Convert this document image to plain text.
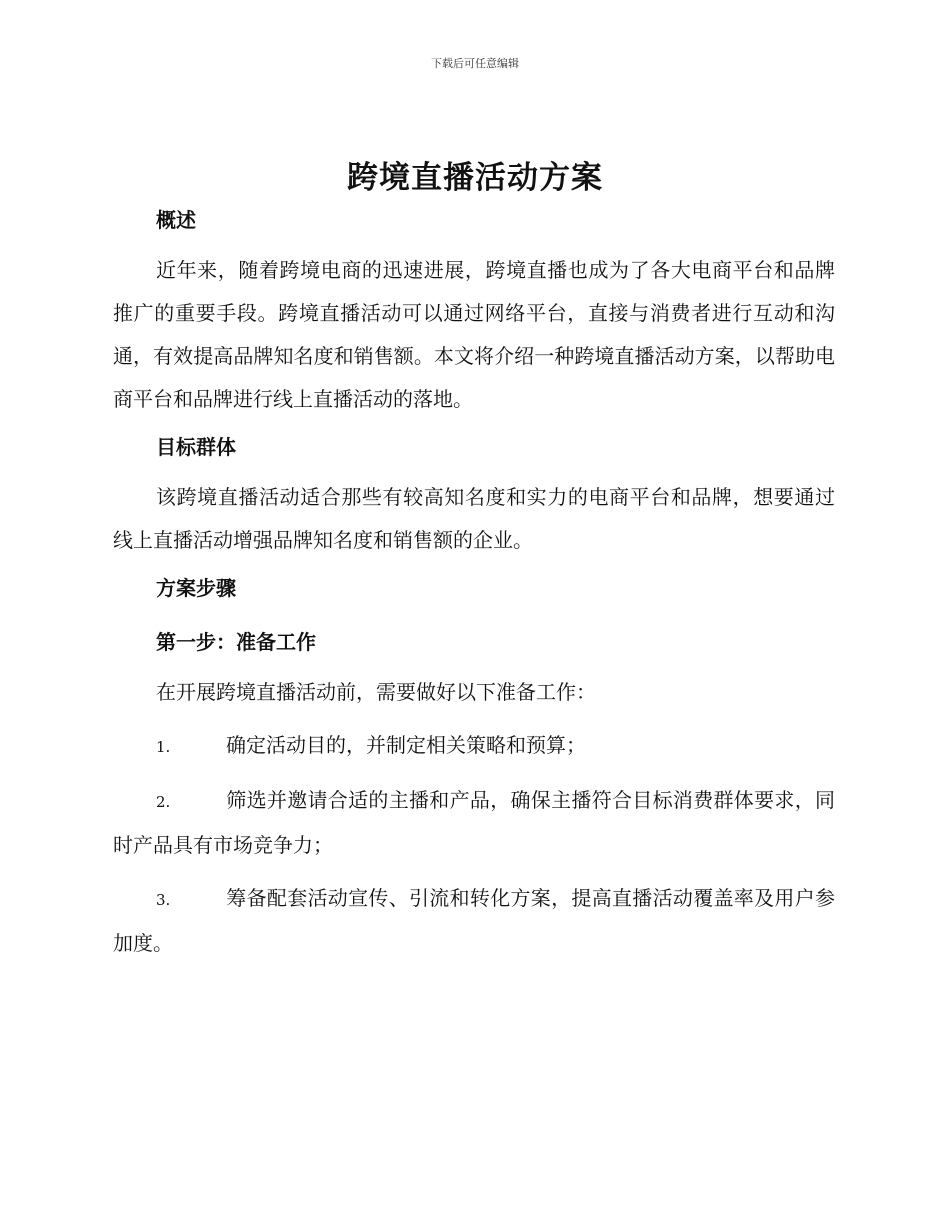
下载后可任意编辑
跨境直播活动方案
概述

近年来，随着跨境电商的迅速进展，跨境直播也成为了各大电商平台和品牌推广的重要手段。跨境直播活动可以通过网络平台，直接与消费者进行互动和沟通，有效提高品牌知名度和销售额。本文将介绍一种跨境直播活动方案，以帮助电商平台和品牌进行线上直播活动的落地。

目标群体

该跨境直播活动适合那些有较高知名度和实力的电商平台和品牌，想要通过线上直播活动增强品牌知名度和销售额的企业。

方案步骤
第一步：准备工作

在开展跨境直播活动前，需要做好以下准备工作：

1.	确定活动目的，并制定相关策略和预算；

2.	筛选并邀请合适的主播和产品，确保主播符合目标消费群体要求，同时产品具有市场竞争力；

3.	筹备配套活动宣传、引流和转化方案，提高直播活动覆盖率及用户参加度。
